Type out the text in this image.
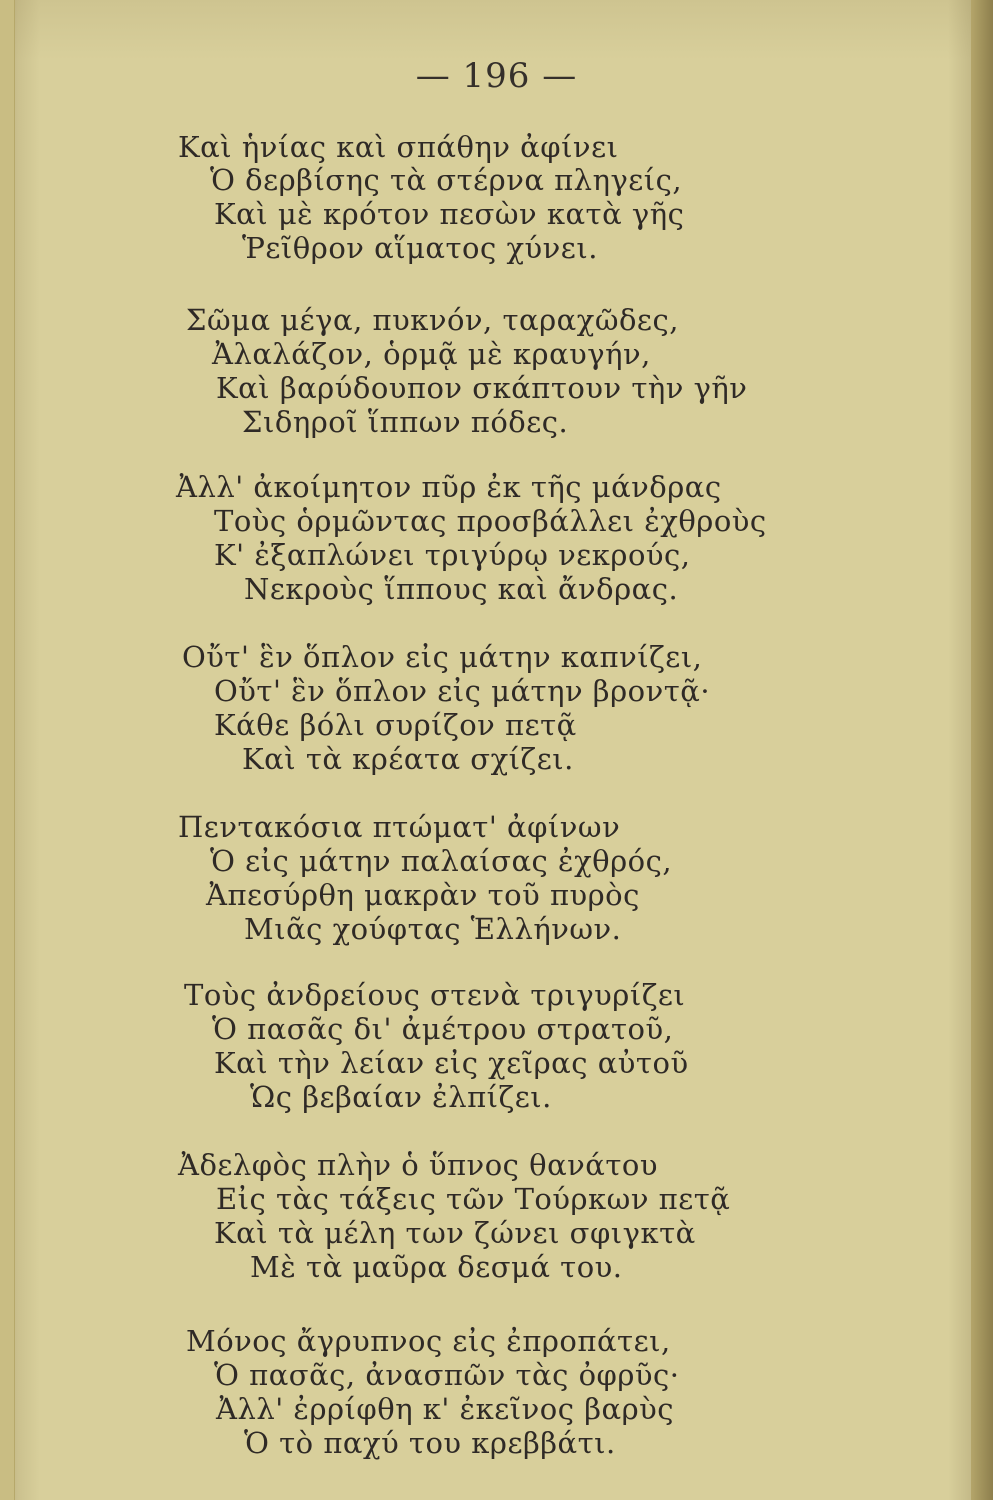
— 196 —
Καὶ ἡνίας καὶ σπάθην ἀφίνει
Ὁ δερβίσης τὰ στέρνα πληγείς,
Καὶ μὲ κρότον πεσὼν κατὰ γῆς
Ῥεῖθρον αἵματος χύνει.
Σῶμα μέγα, πυκνόν, ταραχῶδες,
Ἀλαλάζον, ὁρμᾷ μὲ κραυγήν,
Καὶ βαρύδουπον σκάπτουν τὴν γῆν
Σιδηροῖ ἵππων πόδες.
Ἀλλ' ἀκοίμητον πῦρ ἐκ τῆς μάνδρας
Τοὺς ὁρμῶντας προσβάλλει ἐχθροὺς
Κ' ἐξαπλώνει τριγύρῳ νεκρούς,
Νεκροὺς ἵππους καὶ ἄνδρας.
Οὔτ' ἓν ὅπλον εἰς μάτην καπνίζει,
Οὔτ' ἓν ὅπλον εἰς μάτην βροντᾷ·
Κάθε βόλι συρίζον πετᾷ
Καὶ τὰ κρέατα σχίζει.
Πεντακόσια πτώματ' ἀφίνων
Ὁ εἰς μάτην παλαίσας ἐχθρός,
Ἀπεσύρθη μακρὰν τοῦ πυρὸς
Μιᾶς χούφτας Ἑλλήνων.
Τοὺς ἀνδρείους στενὰ τριγυρίζει
Ὁ πασᾶς δι' ἀμέτρου στρατοῦ,
Καὶ τὴν λείαν εἰς χεῖρας αὐτοῦ
Ὡς βεβαίαν ἐλπίζει.
Ἀδελφὸς πλὴν ὁ ὕπνος θανάτου
Εἰς τὰς τάξεις τῶν Τούρκων πετᾷ
Καὶ τὰ μέλη των ζώνει σφιγκτὰ
Μὲ τὰ μαῦρα δεσμά του.
Μόνος ἄγρυπνος εἰς ἐπροπάτει,
Ὁ πασᾶς, ἀνασπῶν τὰς ὀφρῦς·
Ἀλλ' ἐρρίφθη κ' ἐκεῖνος βαρὺς
Ὁ τὸ παχύ του κρεββάτι.
